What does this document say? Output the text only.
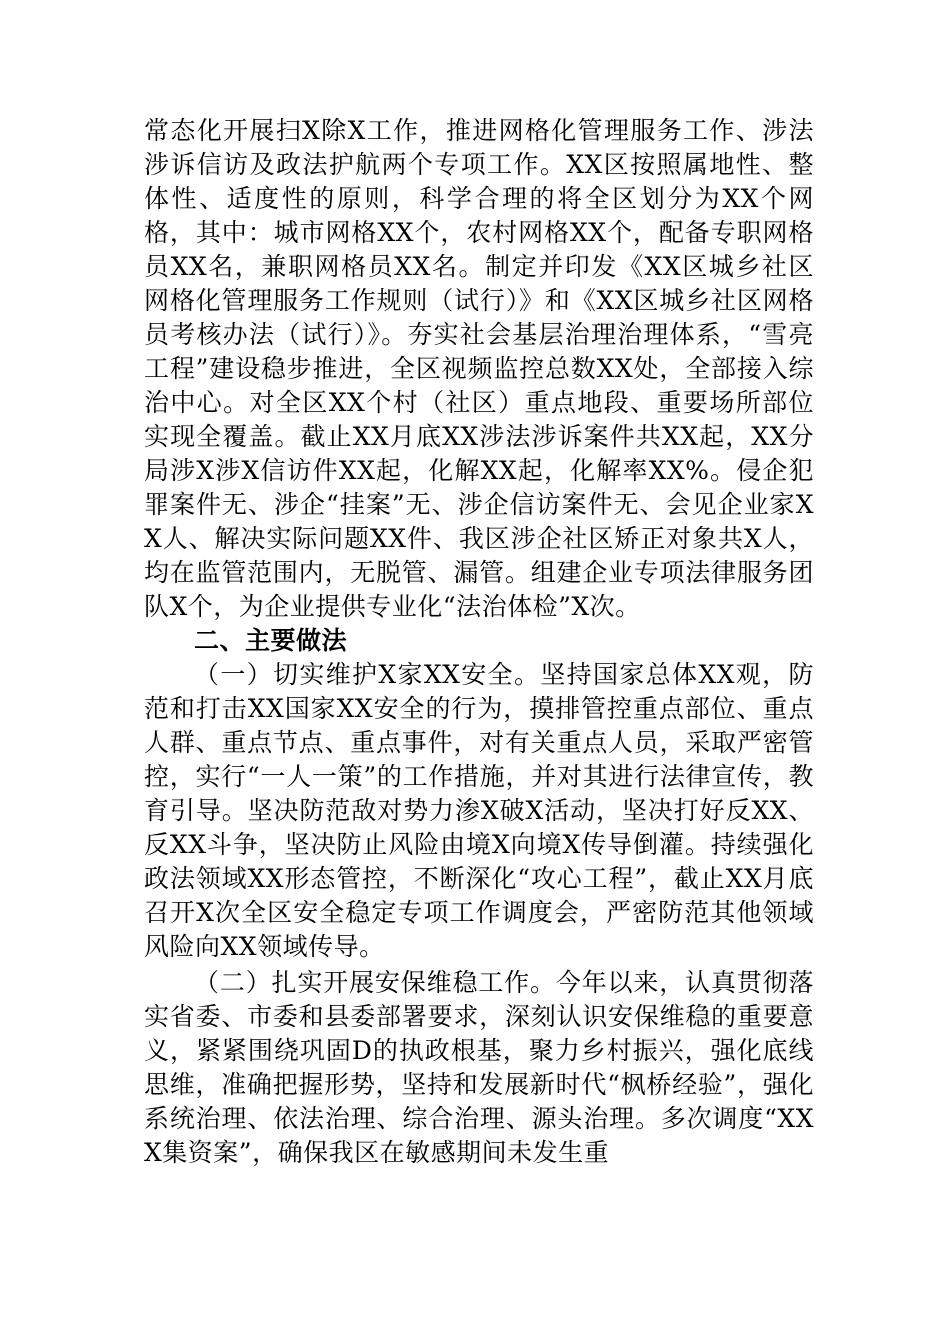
常态化开展扫X除X工作，推进网格化管理服务工作、涉法涉诉信访及政法护航两个专项工作。XX区按照属地性、整体性、适度性的原则，科学合理的将全区划分为XX个网格，其中：城市网格XX个，农村网格XX个，配备专职网格员XX名，兼职网格员XX名。制定并印发《XX区城乡社区网格化管理服务工作规则（试行）》和《XX区城乡社区网格员考核办法（试行）》。夯实社会基层治理治理体系，“雪亮工程”建设稳步推进，全区视频监控总数XX处，全部接入综治中心。对全区XX个村（社区）重点地段、重要场所部位实现全覆盖。截止XX月底XX涉法涉诉案件共XX起，XX分局涉X涉X信访件XX起，化解XX起，化解率XX%。侵企犯罪案件无、涉企“挂案”无、涉企信访案件无、会见企业家XX人、解决实际问题XX件、我区涉企社区矫正对象共X人，均在监管范围内，无脱管、漏管。组建企业专项法律服务团队X个，为企业提供专业化“法治体检”X次。

二、主要做法

（一）切实维护X家XX安全。坚持国家总体XX观，防范和打击XX国家XX安全的行为，摸排管控重点部位、重点人群、重点节点、重点事件，对有关重点人员，采取严密管控，实行“一人一策”的工作措施，并对其进行法律宣传，教育引导。坚决防范敌对势力渗X破X活动，坚决打好反XX、反XX斗争，坚决防止风险由境X向境X传导倒灌。持续强化政法领域XX形态管控，不断深化“攻心工程”，截止XX月底召开X次全区安全稳定专项工作调度会，严密防范其他领域风险向XX领域传导。

（二）扎实开展安保维稳工作。今年以来，认真贯彻落实省委、市委和县委部署要求，深刻认识安保维稳的重要意义，紧紧围绕巩固D的执政根基，聚力乡村振兴，强化底线思维，准确把握形势，坚持和发展新时代“枫桥经验”，强化系统治理、依法治理、综合治理、源头治理。多次调度“XXX集资案”，确保我区在敏感期间未发生重
